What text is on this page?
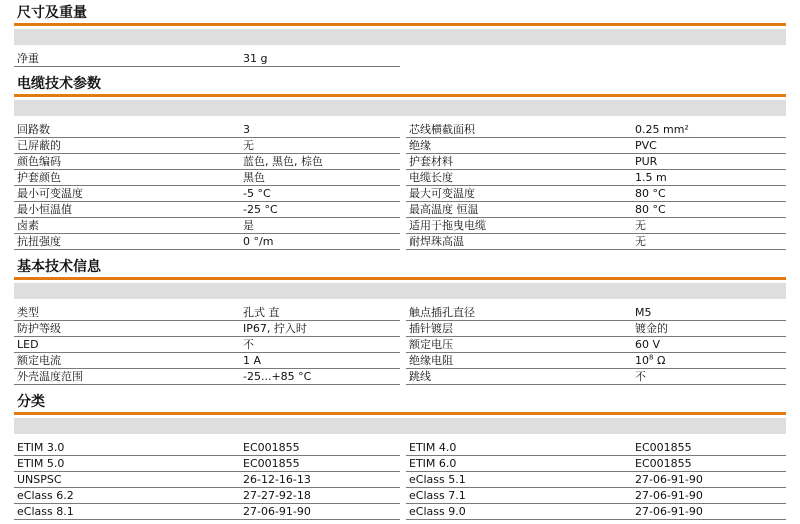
尺寸及重量
净重	31 g
电缆技术参数
回路数	3	芯线横截面积	0.25 mm²
已屏蔽的	无	绝缘	PVC
颜色编码	蓝色, 黑色, 棕色	护套材料	PUR
护套颜色	黑色	电缆长度	1.5 m
最小可变温度	-5 °C	最大可变温度	80 °C
最小恒温值	-25 °C	最高温度 恒温	80 °C
卤素	是	适用于拖曳电缆	无
抗扭强度	0 °/m	耐焊珠高温	无
基本技术信息
类型	孔式 直	触点插孔直径	M5
防护等级	IP67, 拧入时	插针镀层	镀金的
LED	不	额定电压	60 V
额定电流	1 A	绝缘电阻	$10^8$ Ω
外壳温度范围	-25...+85 °C	跳线	不
分类
ETIM 3.0	EC001855	ETIM 4.0	EC001855
ETIM 5.0	EC001855	ETIM 6.0	EC001855
UNSPSC	26-12-16-13	eClass 5.1	27-06-91-90
eClass 6.2	27-27-92-18	eClass 7.1	27-06-91-90
eClass 8.1	27-06-91-90	eClass 9.0	27-06-91-90
